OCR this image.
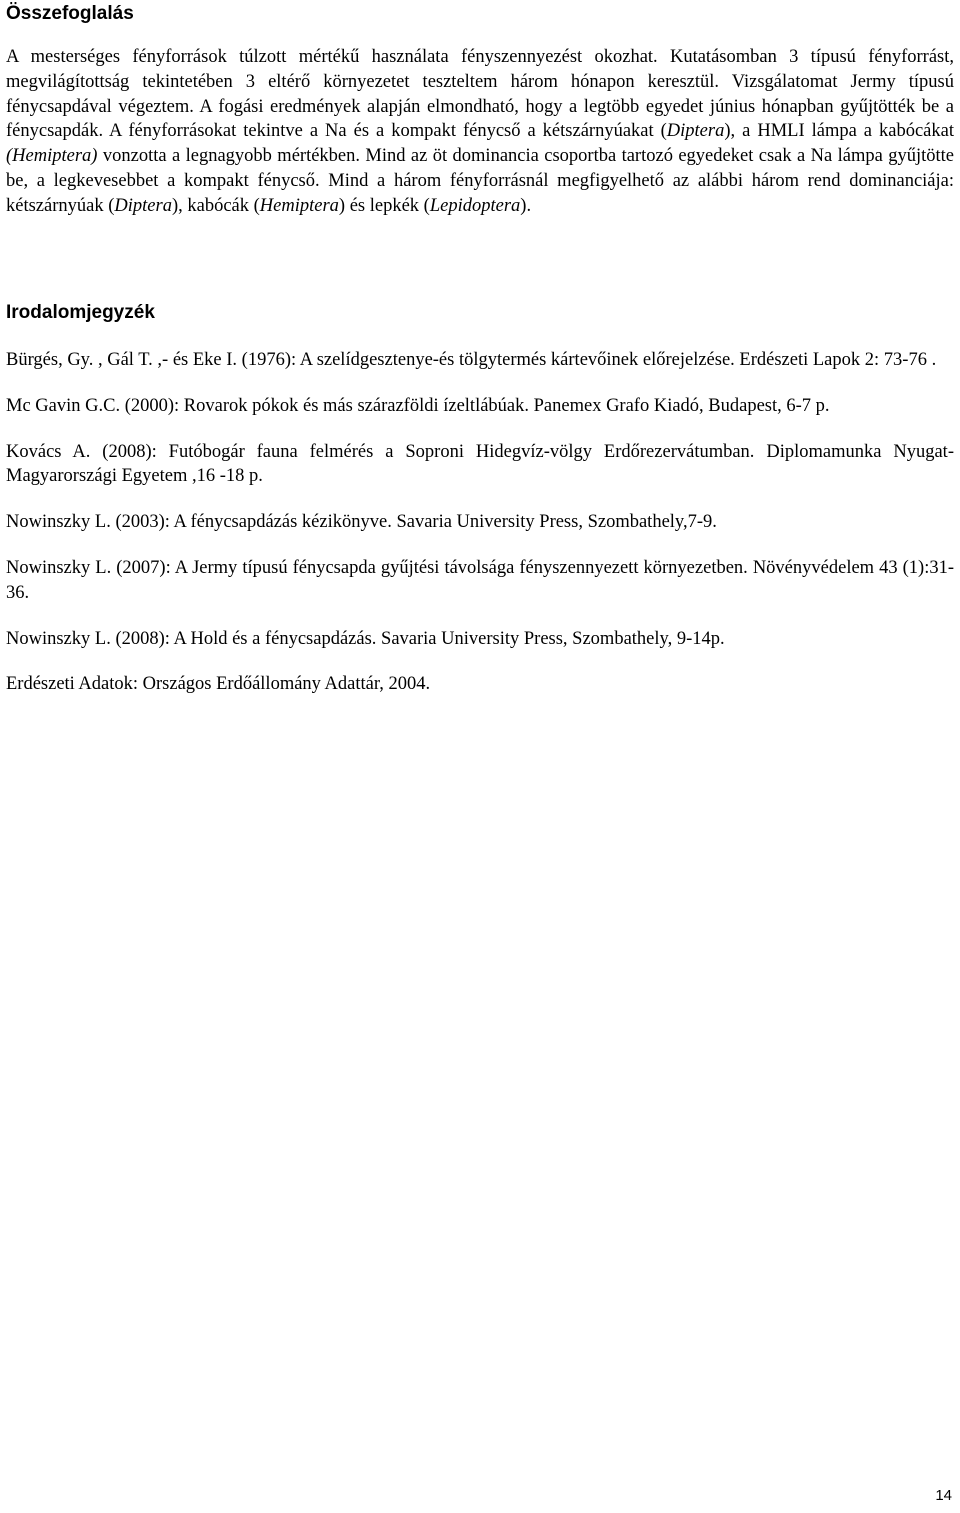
Összefoglalás

A mesterséges fényforrások túlzott mértékű használata fényszennyezést okozhat. Kutatásomban 3 típusú fényforrást, megvilágítottság tekintetében 3 eltérő környezetet teszteltem három hónapon keresztül. Vizsgálatomat Jermy típusú fénycsapdával végeztem. A fogási eredmények alapján elmondható, hogy a legtöbb egyedet június hónapban gyűjtötték be a fénycsapdák. A fényforrásokat tekintve a Na és a kompakt fénycső a kétszárnyúakat (Diptera), a HMLI lámpa a kabócákat (Hemiptera) vonzotta a legnagyobb mértékben. Mind az öt dominancia csoportba tartozó egyedeket csak a Na lámpa gyűjtötte be, a legkevesebbet a kompakt fénycső. Mind a három fényforrásnál megfigyelhető az alábbi három rend dominanciája: kétszárnyúak (Diptera), kabócák (Hemiptera) és lepkék (Lepidoptera).

Irodalomjegyzék
Bürgés, Gy. , Gál T. ,- és Eke I. (1976): A szelídgesztenye-és tölgytermés kártevőinek előrejelzése. Erdészeti Lapok 2: 73-76 .
Mc Gavin G.C. (2000): Rovarok pókok és más szárazföldi ízeltlábúak. Panemex Grafo Kiadó, Budapest, 6-7 p.
Kovács A. (2008): Futóbogár fauna felmérés a Soproni Hidegvíz-völgy Erdőrezervátumban. Diplomamunka Nyugat-Magyarországi Egyetem ,16 -18 p.
Nowinszky L. (2003): A fénycsapdázás kézikönyve. Savaria University Press, Szombathely,7-9.
Nowinszky L. (2007): A Jermy típusú fénycsapda gyűjtési távolsága fényszennyezett környezetben. Növényvédelem 43 (1):31-36.
Nowinszky L. (2008): A Hold és a fénycsapdázás. Savaria University Press, Szombathely, 9-14p.
Erdészeti Adatok: Országos Erdőállomány Adattár, 2004.
14
